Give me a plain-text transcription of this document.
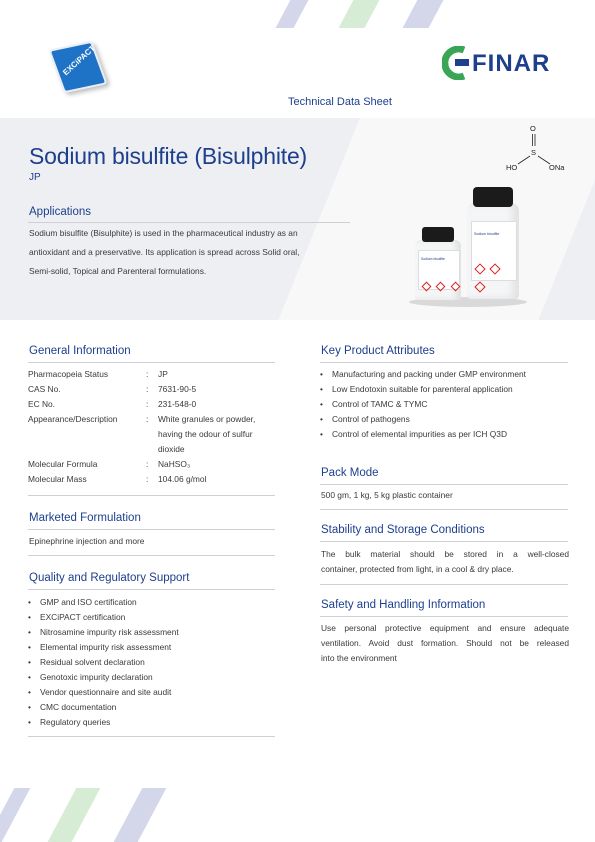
EXCiPACT	FINAR
Technical Data Sheet
Sodium bisulfite (Bisulphite)
JP
O
S
HO	ONa
Sodium bisulfite

Sodium bisulfite

Applications
Sodium bisulfite (Bisulphite) is used in the pharmaceutical industry as an
antioxidant and a preservative. Its application is spread across Solid oral,
Semi-solid, Topical and Parenteral formulations.
General Information
Pharmacopeia Status	: JP
CAS No.	: 7631-90-5
EC No.	: 231-548-0
Appearance/Description	: White granules or powder, having the odour of sulfur dioxide
Molecular Formula	: NaHSO₃
Molecular Mass	: 104.06 g/mol
Marketed Formulation
Epinephrine injection and more
Quality and Regulatory Support
• GMP and ISO certification
• EXCiPACT certification
• Nitrosamine impurity risk assessment
• Elemental impurity risk assessment
• Residual solvent declaration
• Genotoxic impurity declaration
• Vendor questionnaire and site audit
• CMC documentation
• Regulatory queries
Key Product Attributes
• Manufacturing and packing under GMP environment
• Low Endotoxin suitable for parenteral application
• Control of TAMC & TYMC
• Control of pathogens
• Control of elemental impurities as per ICH Q3D
Pack Mode
500 gm, 1 kg, 5 kg plastic container
Stability and Storage Conditions
The bulk material should be stored in a well-closed
container, protected from light, in a cool & dry place.
Safety and Handling Information
Use personal protective equipment and ensure adequate
ventilation. Avoid dust formation. Should not be released
into the environment
